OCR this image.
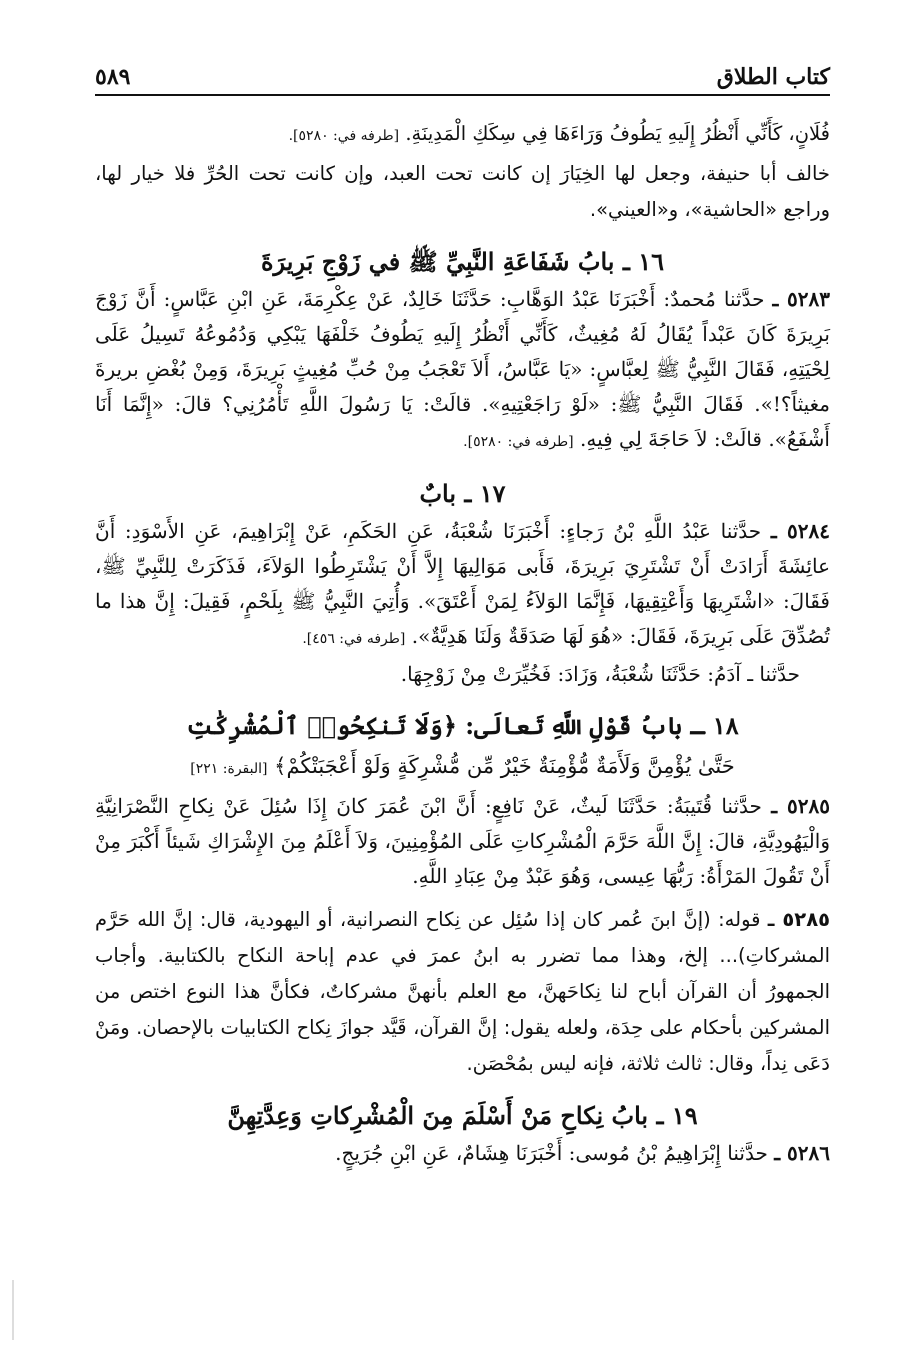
كتاب الطلاق
٥٨٩

فُلَانٍ، كَأَنِّي أَنْظُرُ إِلَيهِ يَطُوفُ وَرَاءَهَا فِي سِكَكِ الْمَدِينَةِ. [طرفه في: ٥٢٨٠].

خالف أبا حنيفة، وجعل لها الخِيَارَ إن كانت تحت العبد، وإن كانت تحت الحُرِّ فلا خيار لها، وراجع «الحاشية»، و«العيني».

١٦ ـ بابُ شَفَاعَةِ النَّبِيِّ ﷺ في زَوْجِ بَرِيرَةَ

٥٢٨٣ ـ حدَّثنا مُحمدٌ: أَخْبَرَنَا عَبْدُ الوَهَّابِ: حَدَّثَنَا خَالِدٌ، عَنْ عِكْرِمَةَ، عَنِ ابْنِ عَبَّاسٍ: أَنَّ زَوْجَ بَرِيرَةَ كَانَ عَبْداً يُقَالُ لَهُ مُغِيثٌ، كَأَنِّي أَنْظُرُ إِلَيهِ يَطُوفُ خَلْفَهَا يَبْكِي وَدُمُوعُهُ تَسِيلُ عَلَى لِحْيَتِهِ، فَقَالَ النَّبِيُّ ﷺ لِعبَّاسٍ: «يَا عَبَّاسُ، أَلاَ تَعْجَبُ مِنْ حُبِّ مُغِيثٍ بَرِيرَةَ، وَمِنْ بُغْضِ بريرةَ مغيثاً؟!». فَقَالَ النَّبِيُّ ﷺ: «لَوْ رَاجَعْتِيهِ». قالَتْ: يَا رَسُولَ اللَّهِ تَأْمُرُنِي؟ قالَ: «إِنَّمَا أَنَا أَشْفَعُ». قالَتْ: لاَ حَاجَةَ لِي فِيهِ. [طرفه في: ٥٢٨٠].

١٧ ـ بابٌ

٥٢٨٤ ـ حدَّثنا عَبْدُ اللَّهِ بْنُ رَجاءٍ: أَخْبَرَنَا شُعْبَةُ، عَنِ الحَكَمِ، عَنْ إِبْرَاهِيمَ، عَنِ الأَسْوَدِ: أَنَّ عائِشَةَ أَرَادَتْ أَنْ تَشْتَرِيَ بَرِيرَةَ، فَأَبى مَوَالِيهَا إِلاَّ أَنْ يَشْتَرِطُوا الوَلاَءَ، فَذَكَرَتْ لِلنَّبِيِّ ﷺ، فَقَالَ: «اشْتَرِيهَا وَأَعْتِقِيهَا، فَإِنَّمَا الوَلاَءُ لِمَنْ أَعْتَقَ». وَأُتِيَ النَّبِيُّ ﷺ بِلَحْمٍ، فَقِيلَ: إِنَّ هذا ما تُصُدِّقَ عَلَى بَرِيرَةَ، فَقَالَ: «هُوَ لَهَا صَدَقَةٌ وَلَنَا هَدِيَّةٌ». [طرفه في: ٤٥٦].

حدَّثنا ـ آدَمُ: حَدَّثَنَا شُعْبَةُ، وَزَادَ: فَخُيِّرَتْ مِنْ زَوْجِهَا.

١٨ ـ بابُ قَوْلِ اللَّهِ تَعالَى: ﴿وَلَا تَنكِحُوا۟ ٱلْمُشْرِكَٰتِ
حَتَّىٰ يُؤْمِنَّ وَلَأَمَةٌ مُّؤْمِنَةٌ خَيْرٌ مِّن مُّشْرِكَةٍ وَلَوْ أَعْجَبَتْكُمْ﴾ [البقرة: ٢٢١]

٥٢٨٥ ـ حدَّثنا قُتَيبَةُ: حَدَّثَنَا لَيثٌ، عَنْ نَافِعٍ: أَنَّ ابْنَ عُمَرَ كانَ إِذَا سُئِلَ عَنْ نِكاحِ النَّصْرَانِيَّةِ وَالْيَهُودِيَّةِ، قالَ: إِنَّ اللَّهَ حَرَّمَ الْمُشْرِكاتِ عَلَى المُؤْمِنِينَ، وَلاَ أَعْلَمُ مِنَ الإِشْرَاكِ شَيئاً أَكْبَرَ مِنْ أَنْ تَقُولَ المَرْأَةُ: رَبُّهَا عِيسى، وَهُوَ عَبْدٌ مِنْ عِبَادِ اللَّهِ.

٥٢٨٥ ـ قوله: (إنَّ ابنَ عُمر كان إذا سُئِل عن نِكاح النصرانية، أو اليهودية، قال: إنَّ الله حَرَّم المشركاتِ)... إلخ، وهذا مما تضرر به ابنُ عمرَ في عدم إباحة النكاح بالكتابية. وأجاب الجمهورُ أن القرآن أباح لنا نِكاحَهنَّ، مع العلم بأنهنَّ مشركاتٌ، فكأنَّ هذا النوع اختص من المشركين بأحكام على حِدَة، ولعله يقول: إنَّ القرآن، قَيَّد جوازَ نِكاح الكتابيات بالإحصان. ومَنْ دَعَى نِداً، وقال: ثالث ثلاثة، فإنه ليس بمُحْصَن.

١٩ ـ بابُ نِكاحِ مَنْ أَسْلَمَ مِنَ الْمُشْرِكاتِ وَعِدَّتِهِنَّ

٥٢٨٦ ـ حدَّثنا إِبْرَاهِيمُ بْنُ مُوسى: أَخْبَرَنَا هِشَامٌ، عَنِ ابْنِ جُرَيجٍ.
